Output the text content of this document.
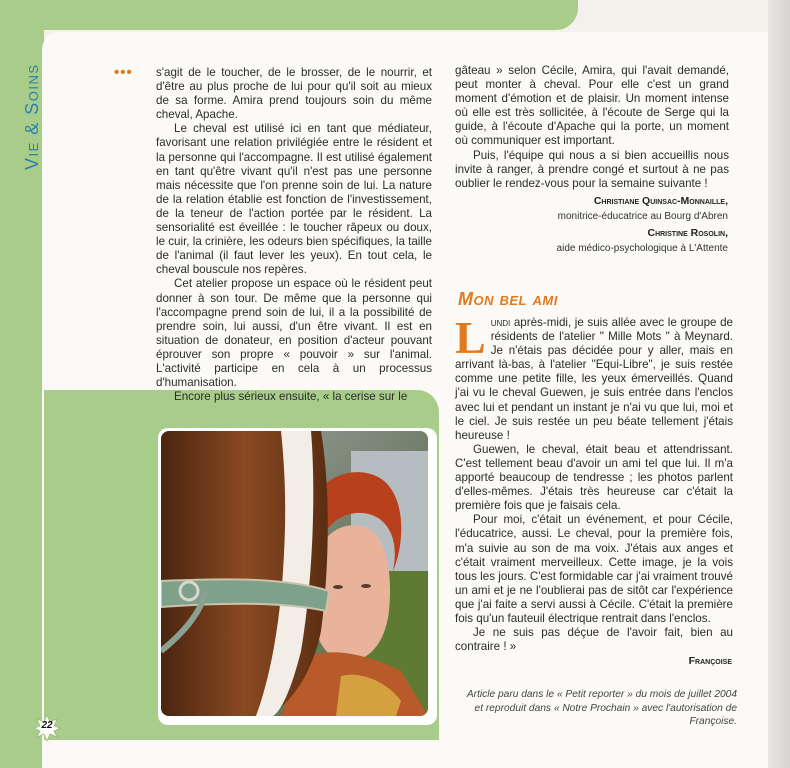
Vie & Soins	••• s'agit de le toucher, de le brosser, de le nourrir, et d'être au plus proche de lui pour qu'il soit au mieux de sa forme. Amira prend toujours soin du même cheval, Apache.

Le cheval est utilisé ici en tant que médiateur, favorisant une relation privilégiée entre le résident et la personne qui l'accompagne. Il est utilisé également en tant qu'être vivant qu'il n'est pas une personne mais nécessite que l'on prenne soin de lui. La nature de la relation établie est fonction de l'investissement, de la teneur de l'action portée par le résident. La sensorialité est éveillée : le toucher râpeux ou doux, le cuir, la crinière, les odeurs bien spécifiques, la taille de l'animal (il faut lever les yeux). En tout cela, le cheval bouscule nos repères.

Cet atelier propose un espace où le résident peut donner à son tour. De même que la personne qui l'accompagne prend soin de lui, il a la possibilité de prendre soin, lui aussi, d'un être vivant. Il est en situation de donateur, en position d'acteur pouvant éprouver son propre « pouvoir » sur l'animal. L'activité participe en cela à un processus d'humanisation.

Encore plus sérieux ensuite, « la cerise sur le

gâteau » selon Cécile, Amira, qui l'avait demandé, peut monter à cheval. Pour elle c'est un grand moment d'émotion et de plaisir. Un moment intense où elle est très sollicitée, à l'écoute de Serge qui la guide, à l'écoute d'Apache qui la porte, un moment où communiquer est important.

Puis, l'équipe qui nous a si bien accueillis nous invite à ranger, à prendre congé et surtout à ne pas oublier le rendez-vous pour la semaine suivante !

Christiane Quinsac-Monnaille,
monitrice-éducatrice au Bourg d'Abren
Christine Rosolin,
aide médico-psychologique à L'Attente
Mon bel ami

Lundi après-midi, je suis allée avec le groupe de résidents de l'atelier " Mille Mots " à Meynard. Je n'étais pas décidée pour y aller, mais en arrivant là-bas, à l'atelier "Equi-Libre", je suis restée comme une petite fille, les yeux émerveillés. Quand j'ai vu le cheval Guewen, je suis entrée dans l'enclos avec lui et pendant un instant je n'ai vu que lui, moi et le ciel. Je suis restée un peu béate tellement j'étais heureuse !

Guewen, le cheval, était beau et attendrissant. C'est tellement beau d'avoir un ami tel que lui. Il m'a apporté beaucoup de tendresse ; les photos parlent d'elles-mêmes. J'étais très heureuse car c'était la première fois que je faisais cela.

Pour moi, c'était un événement, et pour Cécile, l'éducatrice, aussi. Le cheval, pour la première fois, m'a suivie au son de ma voix. J'étais aux anges et c'était vraiment merveilleux. Cette image, je la vois tous les jours. C'est formidable car j'ai vraiment trouvé un ami et je ne l'oublierai pas de sitôt car l'expérience que j'ai faite a servi aussi à Cécile. C'était la première fois qu'un fauteuil électrique rentrait dans l'enclos.

Je ne suis pas déçue de l'avoir fait, bien au contraire ! »

Françoise
Article paru dans le « Petit reporter » du mois de juillet 2004 et reproduit dans « Notre Prochain » avec l'autorisation de Françoise.
22
